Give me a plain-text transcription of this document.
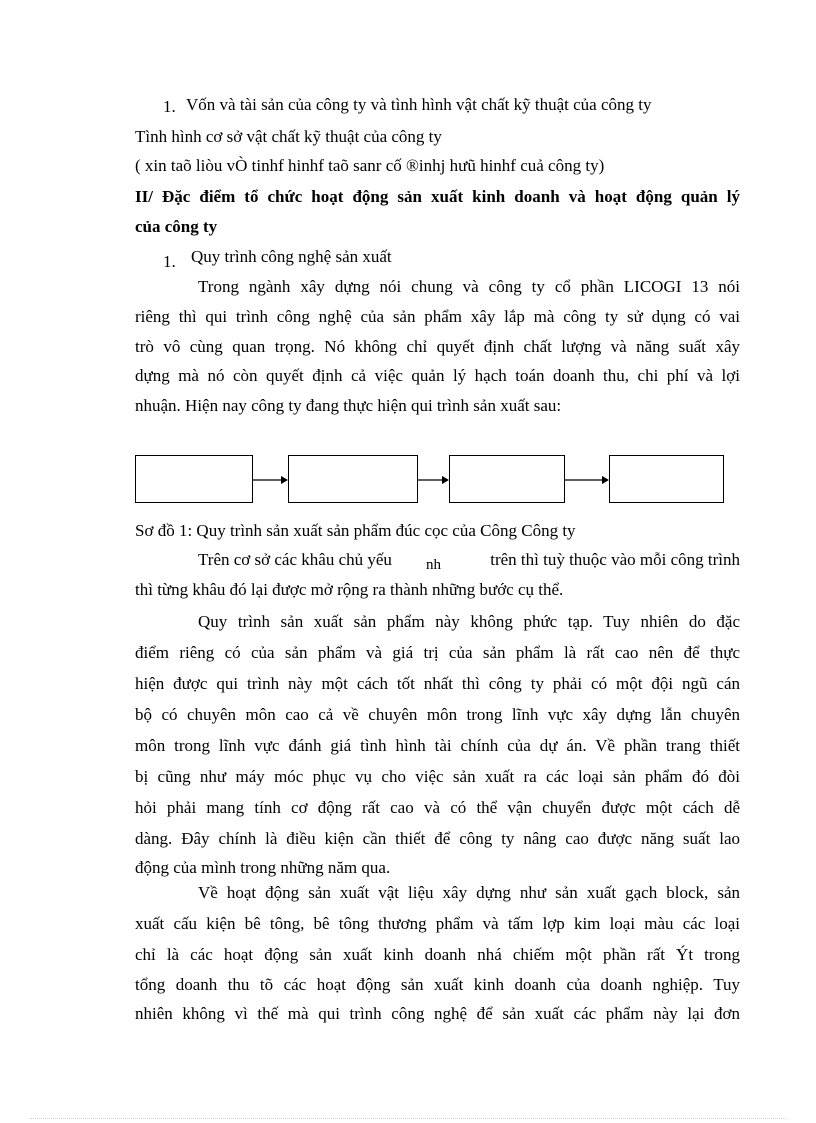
1. Vốn và tài sản của công ty và tình hình vật chất kỹ thuật của công ty
Tình hình cơ sở vật chất kỹ thuật của công ty
( xin taõ liòu vÒ tinhf hinhf taõ sanr cố ®inhj hưũ hinhf cuả công ty)
II/ Đặc điểm tổ chức hoạt động sản xuất kinh doanh và hoạt động quản lý
của công ty
1. Quy trình công nghệ sản xuất
Trong ngành xây dựng nói chung và công ty cổ phần LICOGI 13 nói
riêng thì qui trình công nghệ của sản phẩm xây lắp mà công ty sử dụng có vai
trò vô cùng quan trọng. Nó không chỉ quyết định chất lượng và năng suất xây
dựng mà nó còn quyết định cả việc quản lý hạch toán doanh thu, chi phí và lợi
nhuận. Hiện nay công ty đang thực hiện qui trình sản xuất sau:
Sơ đồ 1: Quy trình sản xuất sản phẩm đúc cọc của Công Công ty
Trên cơ sở các khâu chủ yếu	nh	trên thì tuỳ thuộc vào mỗi công trình
thì từng khâu đó lại được mở rộng ra thành những bước cụ thể.
Quy trình sản xuất sản phẩm này không phức tạp. Tuy nhiên do đặc
điểm riêng có của sản phẩm và giá trị của sản phẩm là rất cao nên để thực
hiện được qui trình này một cách tốt nhất thì công ty phải có một đội ngũ cán
bộ có chuyên môn cao cả về chuyên môn trong lĩnh vực xây dựng lẫn chuyên
môn trong lĩnh vực đánh giá tình hình tài chính của dự án. Về phần trang thiết
bị cũng như máy móc phục vụ cho việc sản xuất ra các loại sản phẩm đó đòi
hỏi phải mang tính cơ động rất cao và có thể vận chuyển được một cách dễ
dàng. Đây chính là điều kiện cần thiết để công ty nâng cao được năng suất lao
động của mình trong những năm qua.
Về hoạt động sản xuất vật liệu xây dựng như sản xuất gạch block, sản
xuất cấu kiện bê tông, bê tông thương phẩm và tấm lợp kim loại màu các loại
chỉ là các hoạt động sản xuất kinh doanh nhá chiếm một phần rất Ýt trong
tổng doanh thu tõ các hoạt động sản xuất kinh doanh của doanh nghiệp. Tuy
nhiên không vì thế mà qui trình công nghệ để sản xuất các phẩm này lại đơn
